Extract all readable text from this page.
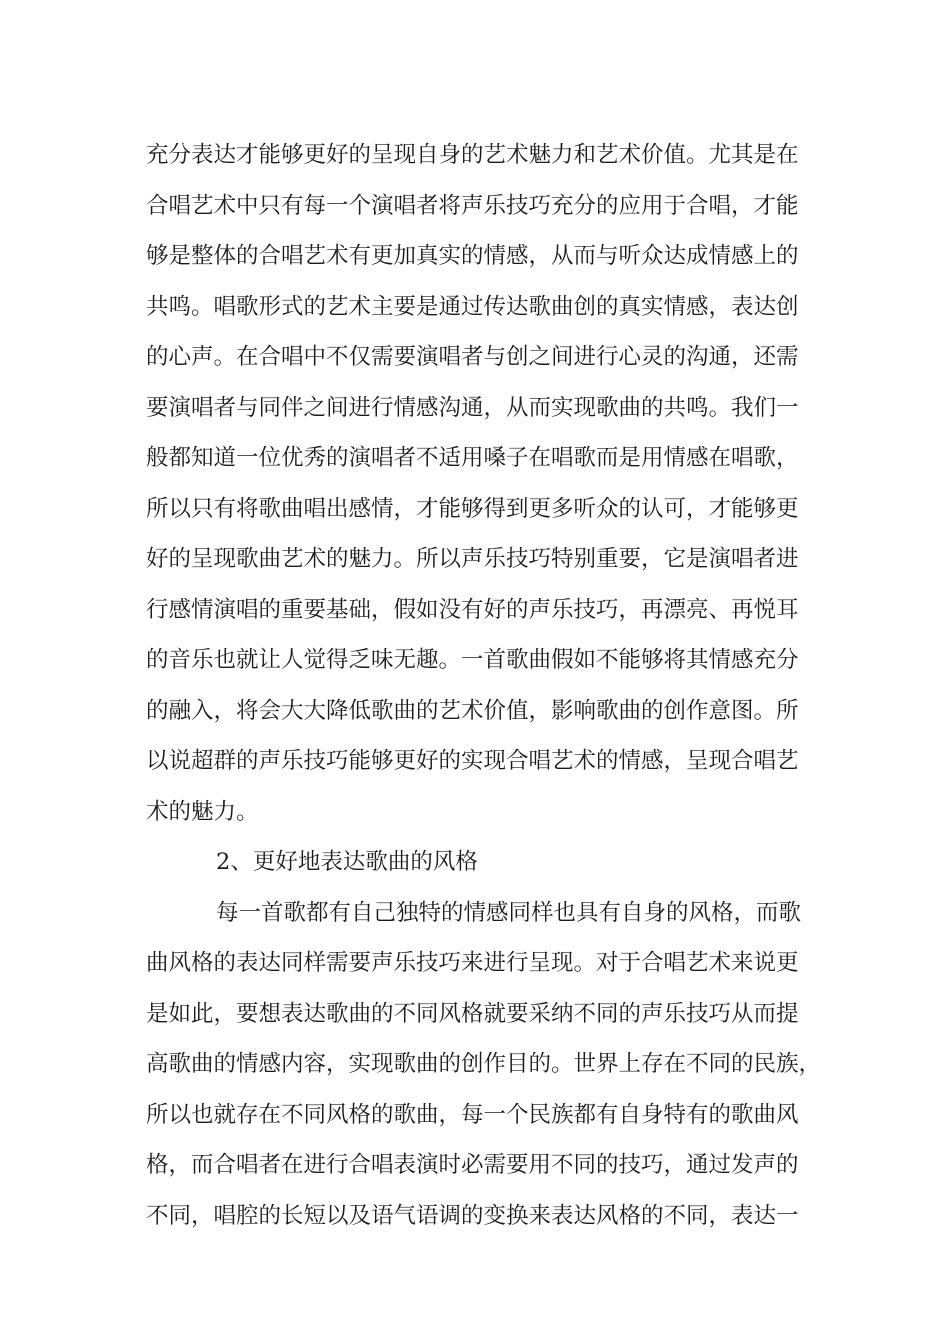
充分表达才能够更好的呈现自身的艺术魅力和艺术价值。尤其是在
合唱艺术中只有每一个演唱者将声乐技巧充分的应用于合唱，才能
够是整体的合唱艺术有更加真实的情感，从而与听众达成情感上的
共鸣。唱歌形式的艺术主要是通过传达歌曲创的真实情感，表达创
的心声。在合唱中不仅需要演唱者与创之间进行心灵的沟通，还需
要演唱者与同伴之间进行情感沟通，从而实现歌曲的共鸣。我们一
般都知道一位优秀的演唱者不适用嗓子在唱歌而是用情感在唱歌，
所以只有将歌曲唱出感情，才能够得到更多听众的认可，才能够更
好的呈现歌曲艺术的魅力。所以声乐技巧特别重要，它是演唱者进
行感情演唱的重要基础，假如没有好的声乐技巧，再漂亮、再悦耳
的音乐也就让人觉得乏味无趣。一首歌曲假如不能够将其情感充分
的融入，将会大大降低歌曲的艺术价值，影响歌曲的创作意图。所
以说超群的声乐技巧能够更好的实现合唱艺术的情感，呈现合唱艺
术的魅力。
2、更好地表达歌曲的风格
每一首歌都有自己独特的情感同样也具有自身的风格，而歌
曲风格的表达同样需要声乐技巧来进行呈现。对于合唱艺术来说更
是如此，要想表达歌曲的不同风格就要采纳不同的声乐技巧从而提
高歌曲的情感内容，实现歌曲的创作目的。世界上存在不同的民族，
所以也就存在不同风格的歌曲，每一个民族都有自身特有的歌曲风
格，而合唱者在进行合唱表演时必需要用不同的技巧，通过发声的
不同，唱腔的长短以及语气语调的变换来表达风格的不同，表达一
